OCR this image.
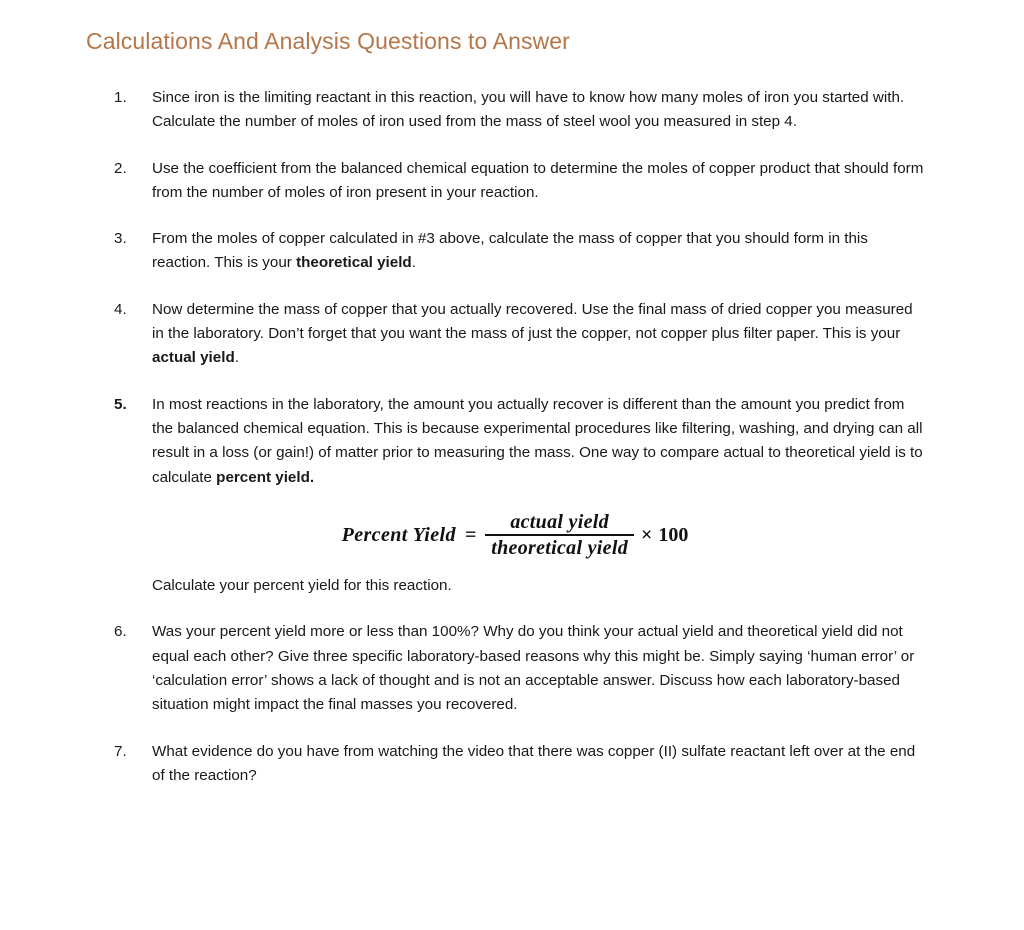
Calculations And Analysis Questions to Answer
1.	Since iron is the limiting reactant in this reaction, you will have to know how many moles of iron you started with. Calculate the number of moles of iron used from the mass of steel wool you measured in step 4.
2.	Use the coefficient from the balanced chemical equation to determine the moles of copper product that should form from the number of moles of iron present in your reaction.
3.	From the moles of copper calculated in #3 above, calculate the mass of copper that you should form in this reaction. This is your theoretical yield.
4.	Now determine the mass of copper that you actually recovered. Use the final mass of dried copper you measured in the laboratory. Don’t forget that you want the mass of just the copper, not copper plus filter paper. This is your actual yield.
5.	In most reactions in the laboratory, the amount you actually recover is different than the amount you predict from the balanced chemical equation. This is because experimental procedures like filtering, washing, and drying can all result in a loss (or gain!) of matter prior to measuring the mass. One way to compare actual to theoretical yield is to calculate percent yield.
Percent Yield = $\frac{\text{actual yield}}{\text{theoretical yield}} \times 100$
Calculate your percent yield for this reaction.
6.	Was your percent yield more or less than 100%? Why do you think your actual yield and theoretical yield did not equal each other? Give three specific laboratory-based reasons why this might be. Simply saying ‘human error’ or ‘calculation error’ shows a lack of thought and is not an acceptable answer. Discuss how each laboratory-based situation might impact the final masses you recovered.
7.	What evidence do you have from watching the video that there was copper (II) sulfate reactant left over at the end of the reaction?
